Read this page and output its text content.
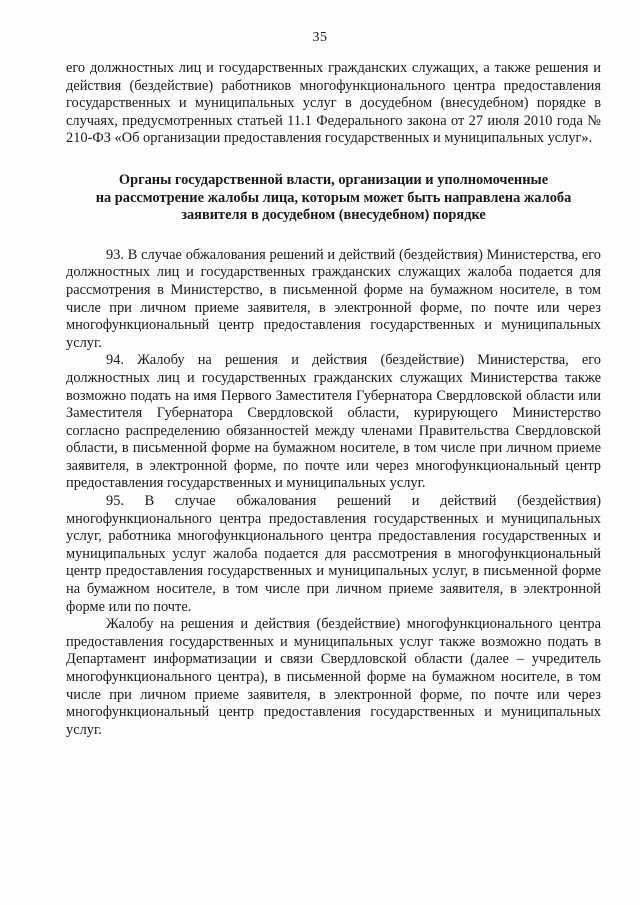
35

его должностных лиц и государственных гражданских служащих, а также решения и действия (бездействие) работников многофункционального центра предоставления государственных и муниципальных услуг в досудебном (внесудебном) порядке в случаях, предусмотренных статьей 11.1 Федерального закона от 27 июля 2010 года № 210-ФЗ «Об организации предоставления государственных и муниципальных услуг».

Органы государственной власти, организации и уполномоченные
на рассмотрение жалобы лица, которым может быть направлена жалоба
заявителя в досудебном (внесудебном) порядке

93. В случае обжалования решений и действий (бездействия) Министерства, его должностных лиц и государственных гражданских служащих жалоба подается для рассмотрения в Министерство, в письменной форме на бумажном носителе, в том числе при личном приеме заявителя, в электронной форме, по почте или через многофункциональный центр предоставления государственных и муниципальных услуг.

94. Жалобу на решения и действия (бездействие) Министерства, его должностных лиц и государственных гражданских служащих Министерства также возможно подать на имя Первого Заместителя Губернатора Свердловской области или Заместителя Губернатора Свердловской области, курирующего Министерство согласно распределению обязанностей между членами Правительства Свердловской области, в письменной форме на бумажном носителе, в том числе при личном приеме заявителя, в электронной форме, по почте или через многофункциональный центр предоставления государственных и муниципальных услуг.

95. В случае обжалования решений и действий (бездействия) многофункционального центра предоставления государственных и муниципальных услуг, работника многофункционального центра предоставления государственных и муниципальных услуг жалоба подается для рассмотрения в многофункциональный центр предоставления государственных и муниципальных услуг, в письменной форме на бумажном носителе, в том числе при личном приеме заявителя, в электронной форме или по почте.

Жалобу на решения и действия (бездействие) многофункционального центра предоставления государственных и муниципальных услуг также возможно подать в Департамент информатизации и связи Свердловской области (далее – учредитель многофункционального центра), в письменной форме на бумажном носителе, в том числе при личном приеме заявителя, в электронной форме, по почте или через многофункциональный центр предоставления государственных и муниципальных услуг.
